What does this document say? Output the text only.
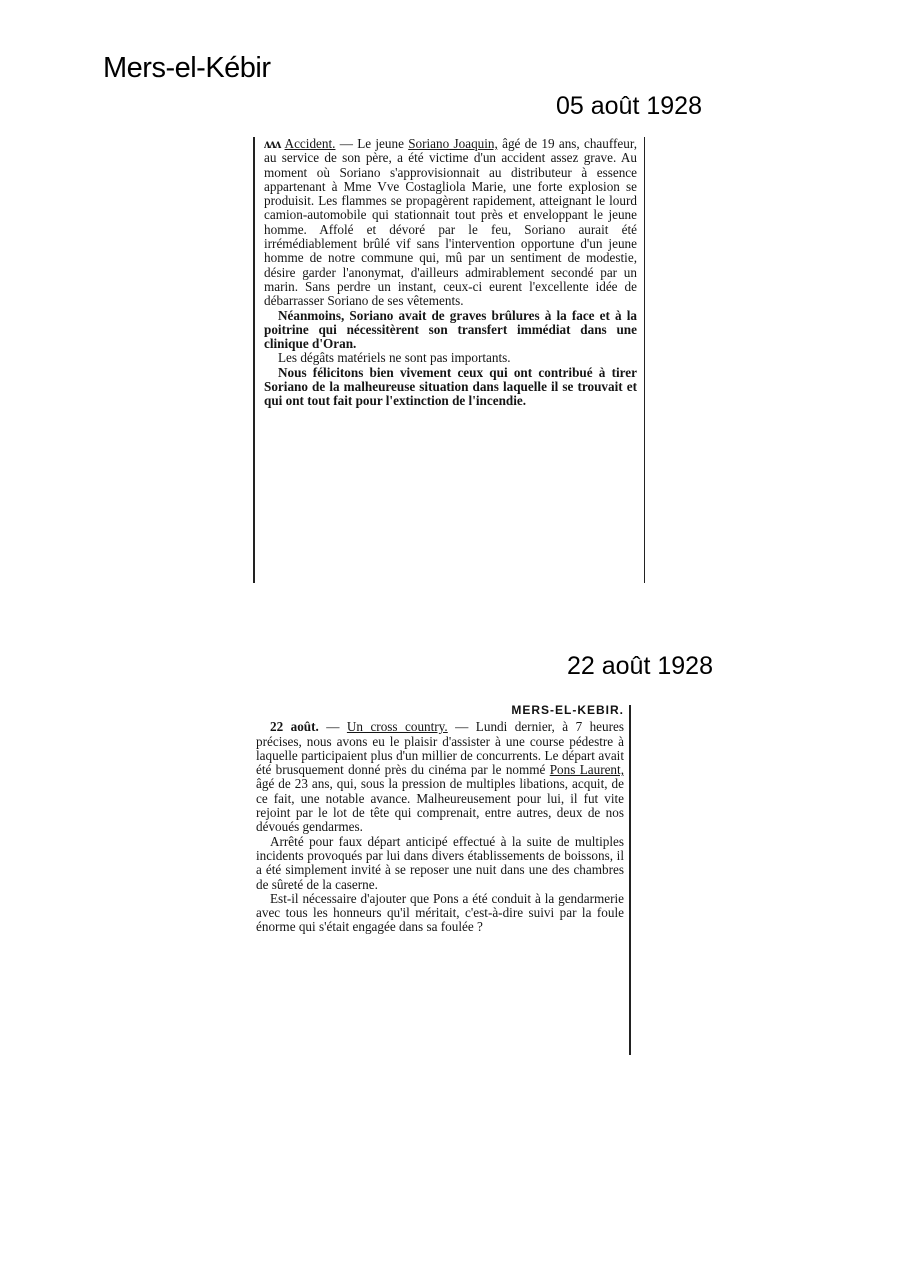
Mers-el-Kébir
05 août 1928

ᴧᴧᴧ Accident. — Le jeune Soriano Joaquin, âgé de 19 ans, chauffeur, au service de son père, a été victime d'un accident assez grave. Au moment où Soriano s'approvisionnait au distributeur à essence appartenant à Mme Vve Costagliola Marie, une forte explosion se produisit. Les flammes se propagèrent rapidement, atteignant le lourd camion-automobile qui stationnait tout près et enveloppant le jeune homme. Affolé et dévoré par le feu, Soriano aurait été irrémédiablement brûlé vif sans l'intervention opportune d'un jeune homme de notre commune qui, mû par un sentiment de modestie, désire garder l'anonymat, d'ailleurs admirablement secondé par un marin. Sans perdre un instant, ceux-ci eurent l'excellente idée de débarrasser Soriano de ses vêtements.

Néanmoins, Soriano avait de graves brûlures à la face et à la poitrine qui nécessitèrent son transfert immédiat dans une clinique d'Oran.

Les dégâts matériels ne sont pas importants.

Nous félicitons bien vivement ceux qui ont contribué à tirer Soriano de la malheureuse situation dans laquelle il se trouvait et qui ont tout fait pour l'extinction de l'incendie.

22 août 1928
MERS-EL-KEBIR.

22 août. — Un cross country. — Lundi dernier, à 7 heures précises, nous avons eu le plaisir d'assister à une course pédestre à laquelle participaient plus d'un millier de concurrents. Le départ avait été brusquement donné près du cinéma par le nommé Pons Laurent, âgé de 23 ans, qui, sous la pression de multiples libations, acquit, de ce fait, une notable avance. Malheureusement pour lui, il fut vite rejoint par le lot de tête qui comprenait, entre autres, deux de nos dévoués gendarmes.

Arrêté pour faux départ anticipé effectué à la suite de multiples incidents provoqués par lui dans divers établissements de boissons, il a été simplement invité à se reposer une nuit dans une des chambres de sûreté de la caserne.

Est-il nécessaire d'ajouter que Pons a été conduit à la gendarmerie avec tous les honneurs qu'il méritait, c'est-à-dire suivi par la foule énorme qui s'était engagée dans sa foulée ?
